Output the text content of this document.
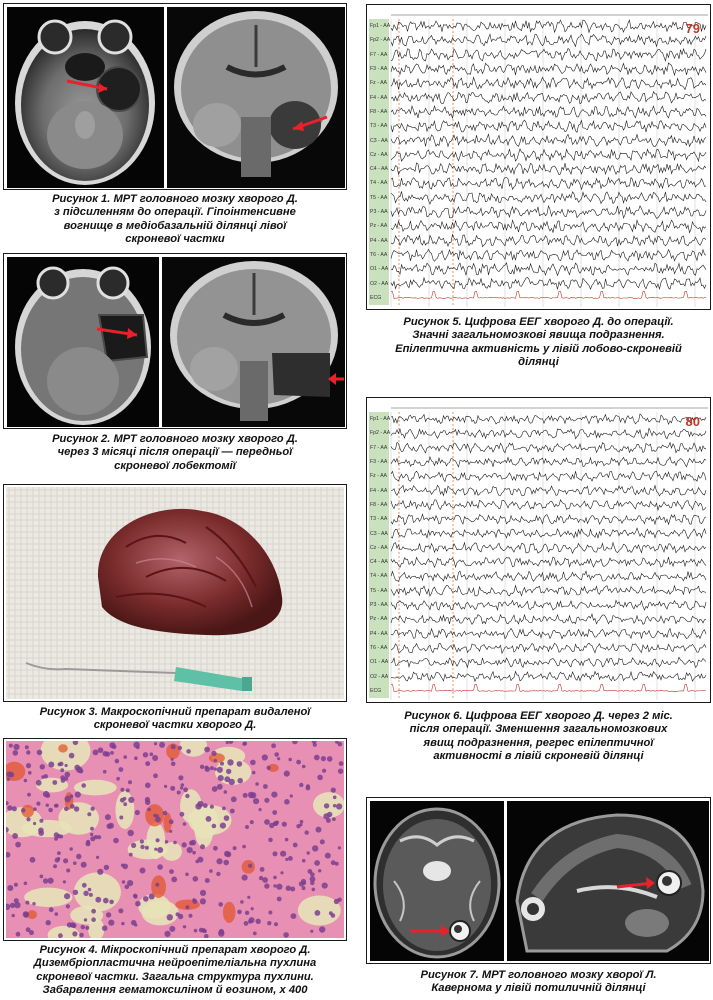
Рисунок 1. МРТ головного мозку хворого Д.
з підсиленням до операції. Гіпоінтенсивне
вогнище в медіобазальній ділянці лівої
скроневої частки
Рисунок 2. МРТ головного мозку хворого Д.
через 3 місяці після операції — передньої
скроневої лобектомії
Рисунок 3. Макроскопічний препарат видаленої
скроневої частки хворого Д.
Рисунок 4. Мікроскопічний препарат хворого Д.
Дизембріопластична нейроепітеліальна пухлина
скроневої частки. Загальна структура пухлини.
Забарвлення гематоксиліном й еозином, х 400
79
Fp1 - AA
Fp2 - AA
F7 - AA
F3 - AA
Fz - AA
F4 - AA
F8 - AA
T3 - AA
C3 - AA
Cz - AA
C4 - AA
T4 - AA
T5 - AA
P3 - AA
Pz - AA
P4 - AA
T6 - AA
O1 - AA
O2 - AA
ECG
Рисунок 5. Цифрова ЕЕГ хворого Д. до операції.
Значні загальномозкові явища подразнення.
Епілептична активність у лівій лобово-скроневій
ділянці
80
Fp1 - AA
Fp2 - AA
F7 - AA
F3 - AA
Fz - AA
F4 - AA
F8 - AA
T3 - AA
C3 - AA
Cz - AA
C4 - AA
T4 - AA
T5 - AA
P3 - AA
Pz - AA
P4 - AA
T6 - AA
O1 - AA
O2 - AA
ECG
Рисунок 6. Цифрова ЕЕГ хворого Д. через 2 міс.
після операції. Зменшення загальномозкових
явищ подразнення, регрес епілептичної
активності в лівій скроневій ділянці
Рисунок 7. МРТ головного мозку хворої Л.
Кавернома у лівій потиличній ділянці
